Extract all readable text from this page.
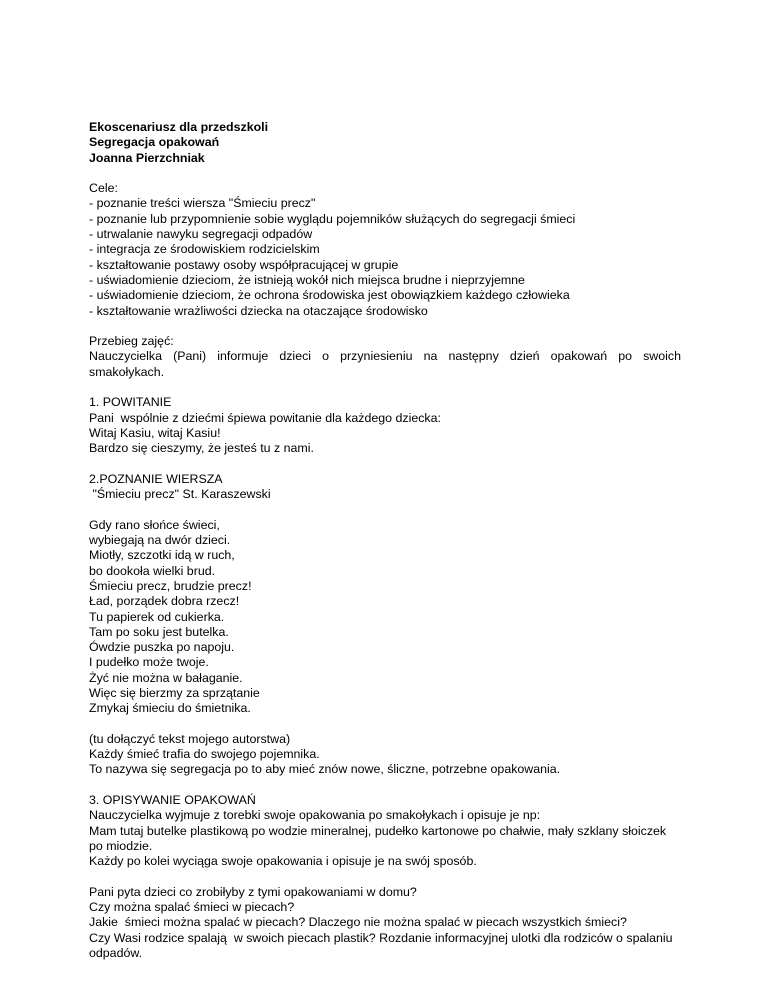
Ekoscenariusz dla przedszkoli
Segregacja opakowań
Joanna Pierzchniak
Cele:
- poznanie treści wiersza "Śmieciu precz"
- poznanie lub przypomnienie sobie wyglądu pojemników służących do segregacji śmieci
- utrwalanie nawyku segregacji odpadów
- integracja ze środowiskiem rodzicielskim
- kształtowanie postawy osoby współpracującej w grupie
- uświadomienie dzieciom, że istnieją wokół nich miejsca brudne i nieprzyjemne
- uświadomienie dzieciom, że ochrona środowiska jest obowiązkiem każdego człowieka
- kształtowanie wrażliwości dziecka na otaczające środowisko
Przebieg zajęć:
Nauczycielka (Pani) informuje dzieci o przyniesieniu na następny dzień opakowań po swoich
smakołykach.
1. POWITANIE
Pani  wspólnie z dziećmi śpiewa powitanie dla każdego dziecka:
Witaj Kasiu, witaj Kasiu!
Bardzo się cieszymy, że jesteś tu z nami.
2.POZNANIE WIERSZA
"Śmieciu precz" St. Karaszewski
Gdy rano słońce świeci,
wybiegają na dwór dzieci.
Miotły, szczotki idą w ruch,
bo dookoła wielki brud.
Śmieciu precz, brudzie precz!
Ład, porządek dobra rzecz!
Tu papierek od cukierka.
Tam po soku jest butelka.
Ówdzie puszka po napoju.
I pudełko może twoje.
Żyć nie można w bałaganie.
Więc się bierzmy za sprzątanie
Zmykaj śmieciu do śmietnika.
(tu dołączyć tekst mojego autorstwa)
Każdy śmieć trafia do swojego pojemnika.
To nazywa się segregacja po to aby mieć znów nowe, śliczne, potrzebne opakowania.
3. OPISYWANIE OPAKOWAŃ
Nauczycielka wyjmuje z torebki swoje opakowania po smakołykach i opisuje je np:
Mam tutaj butelke plastikową po wodzie mineralnej, pudełko kartonowe po chałwie, mały szklany słoiczek
po miodzie.
Każdy po kolei wyciąga swoje opakowania i opisuje je na swój sposób.
Pani pyta dzieci co zrobiłyby z tymi opakowaniami w domu?
Czy można spalać śmieci w piecach?
Jakie  śmieci można spalać w piecach? Dlaczego nie można spalać w piecach wszystkich śmieci?
Czy Wasi rodzice spalają  w swoich piecach plastik? Rozdanie informacyjnej ulotki dla rodziców o spalaniu
odpadów.
